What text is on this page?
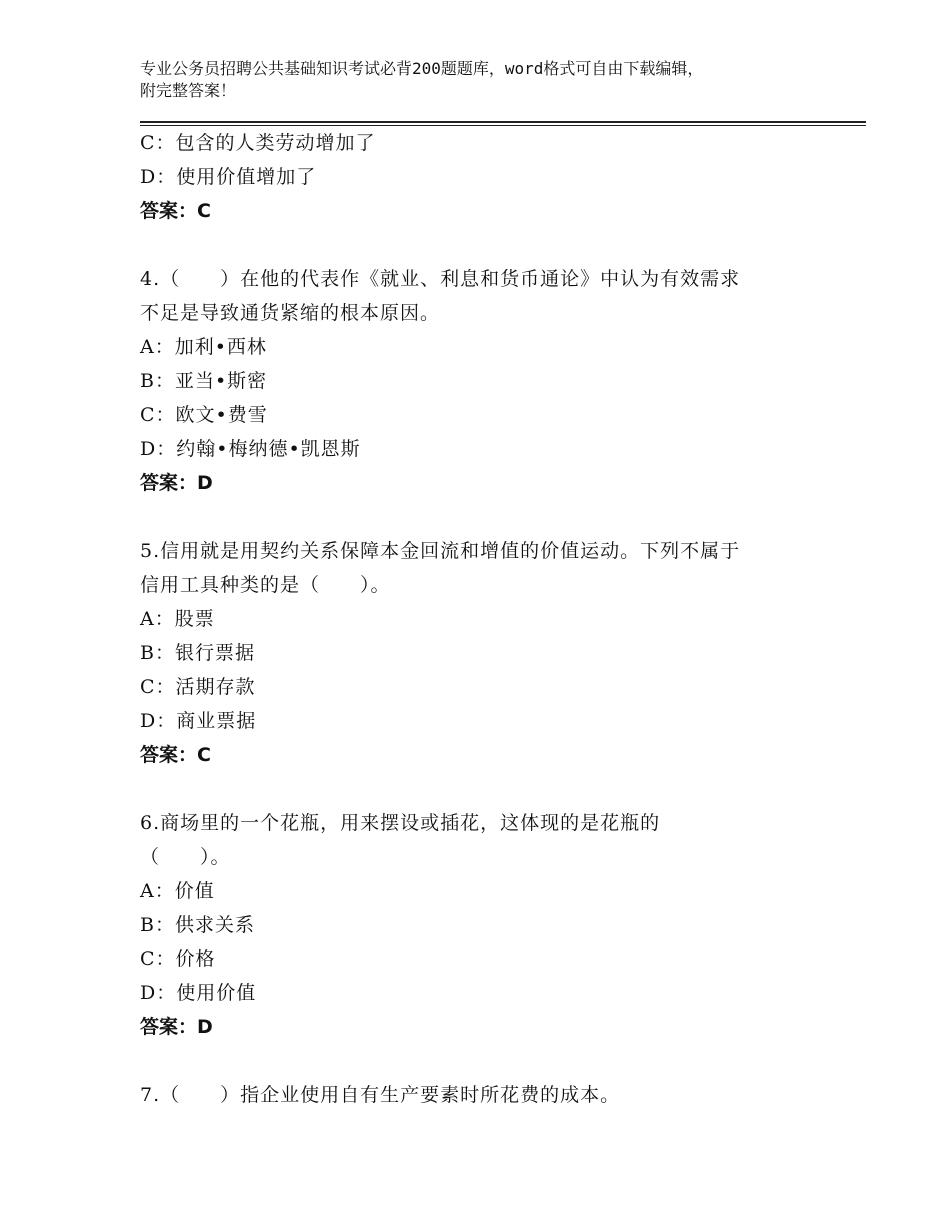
专业公务员招聘公共基础知识考试必背200题题库，word格式可自由下载编辑，
附完整答案！
C：包含的人类劳动增加了
D：使用价值增加了
答案：C
4.（　　）在他的代表作《就业、利息和货币通论》中认为有效需求
不足是导致通货紧缩的根本原因。
A：加利•西林
B：亚当•斯密
C：欧文•费雪
D：约翰•梅纳德•凯恩斯
答案：D
5.信用就是用契约关系保障本金回流和增值的价值运动。下列不属于
信用工具种类的是（　　）。
A：股票
B：银行票据
C：活期存款
D：商业票据
答案：C
6.商场里的一个花瓶，用来摆设或插花，这体现的是花瓶的
（　　）。
A：价值
B：供求关系
C：价格
D：使用价值
答案：D
7.（　　）指企业使用自有生产要素时所花费的成本。
